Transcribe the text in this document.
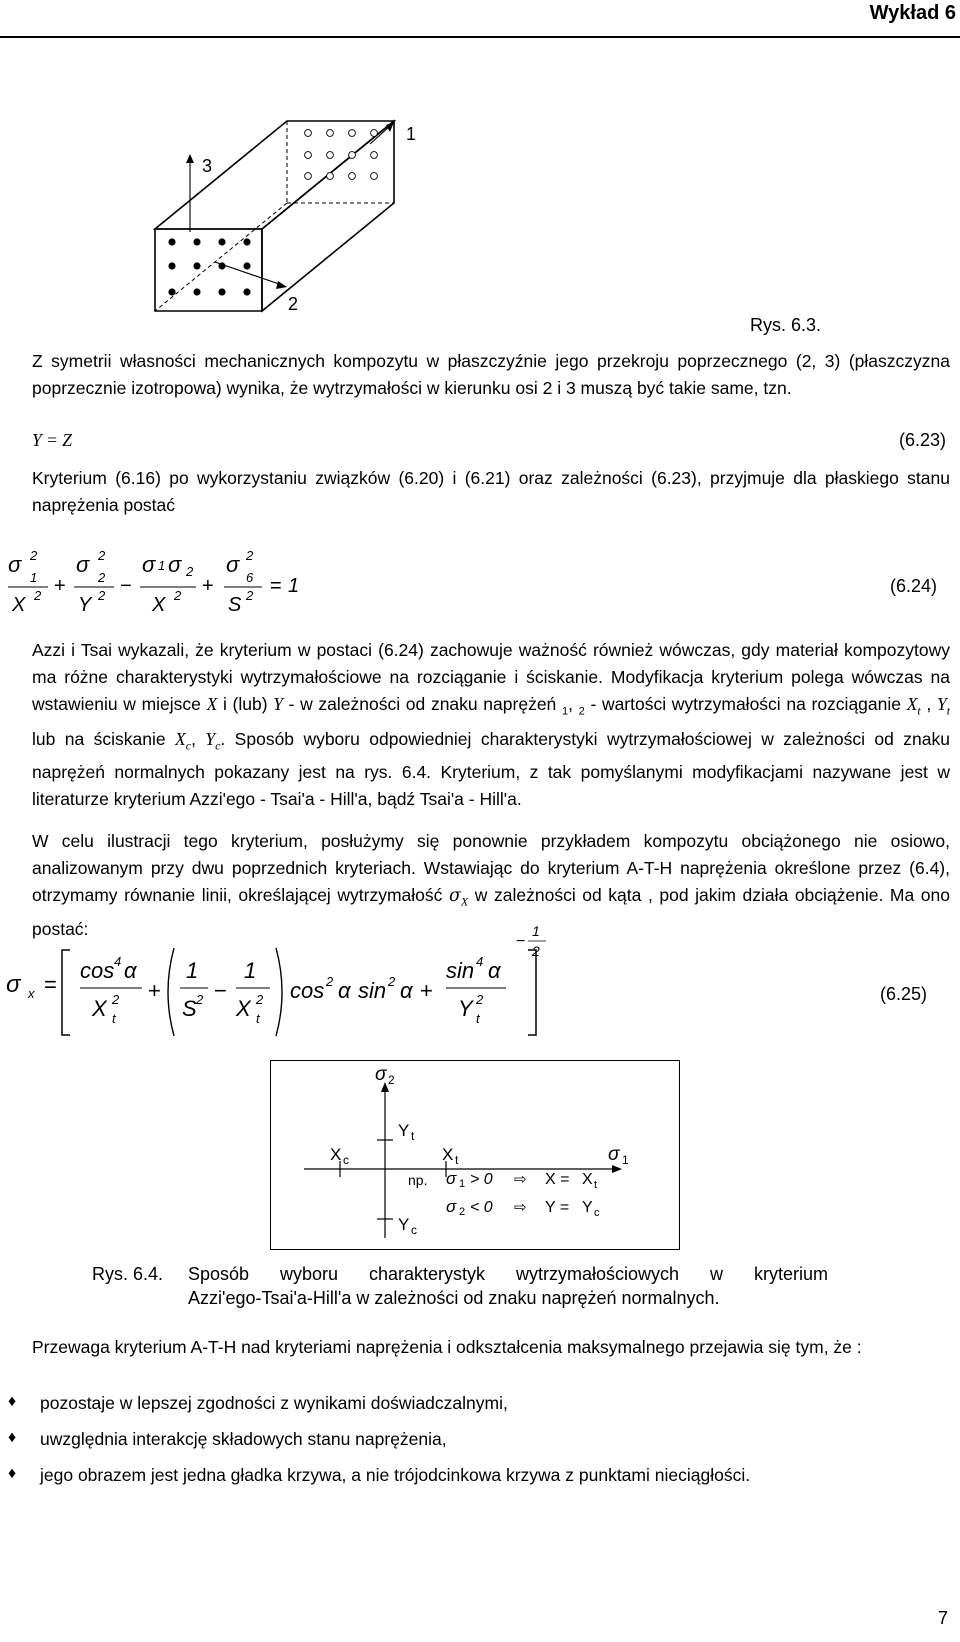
Wykład 6
3
1
2
Rys. 6.3.

Z symetrii własności mechanicznych kompozytu w płaszczyźnie jego przekroju poprzecznego (2, 3) (płaszczyzna poprzecznie izotropowa) wynika, że wytrzymałości w kierunku osi 2 i 3 muszą być takie same, tzn.

Y = Z	(6.23)

Kryterium (6.16) po wykorzystaniu związków (6.20) i (6.21) oraz zależności (6.23), przyjmuje dla płaskiego stanu naprężenia postać

σ
1
2
X 2 +
σ
2
2
Y 2 −
σ 1 σ 2
X 2 +
σ
6
2
S 2 = 1	(6.24)

Azzi i Tsai wykazali, że kryterium w postaci (6.24) zachowuje ważność również wówczas, gdy materiał kompozytowy ma różne charakterystyki wytrzymałościowe na rozciąganie i ściskanie. Modyfikacja kryterium polega wówczas na wstawieniu w miejsce X i (lub) Y - w zależności od znaku naprężeń $_1$, $_2$ - wartości wytrzymałości na rozciąganie $X_t$ , $Y_t$ lub na ściskanie $X_c$, $Y_c$. Sposób wyboru odpowiedniej charakterystyki wytrzymałościowej w zależności od znaku naprężeń normalnych pokazany jest na rys. 6.4. Kryterium, z tak pomyślanymi modyfikacjami nazywane jest w literaturze kryterium Azzi'ego - Tsai'a - Hill'a, bądź Tsai'a - Hill'a.

W celu ilustracji tego kryterium, posłużymy się ponownie przykładem kompozytu obciążonego nie osiowo, analizowanym przy dwu poprzednich kryteriach. Wstawiając do kryterium A-T-H naprężenia określone przez (6.4), otrzymamy równanie linii, określającej wytrzymałość $\sigma_X$ w zależności od kąta , pod jakim działa obciążenie. Ma ono postać:

σ x =
cos 4 α
X 2
t
+
1
S 2 −
1
X 2
t
cos 2 α sin 2 α +
sin 4 α
Y 2
t
−
1
2
(6.25)
σ 2
Y t
X c	X t	σ 1
Y c
np. σ 1 > 0 ⇨ X = X t
σ 2 < 0 ⇨ Y = Y c
Rys. 6.4. Sposób wyboru charakterystyk wytrzymałościowych w kryterium
Azzi'ego-Tsai'a-Hill'a w zależności od znaku naprężeń normalnych.

Przewaga kryterium A-T-H nad kryteriami naprężenia i odkształcenia maksymalnego przejawia się tym, że :

♦ pozostaje w lepszej zgodności z wynikami doświadczalnymi,
♦ uwzględnia interakcję składowych stanu naprężenia,
♦ jego obrazem jest jedna gładka krzywa, a nie trójodcinkowa krzywa z punktami nieciągłości.
7
